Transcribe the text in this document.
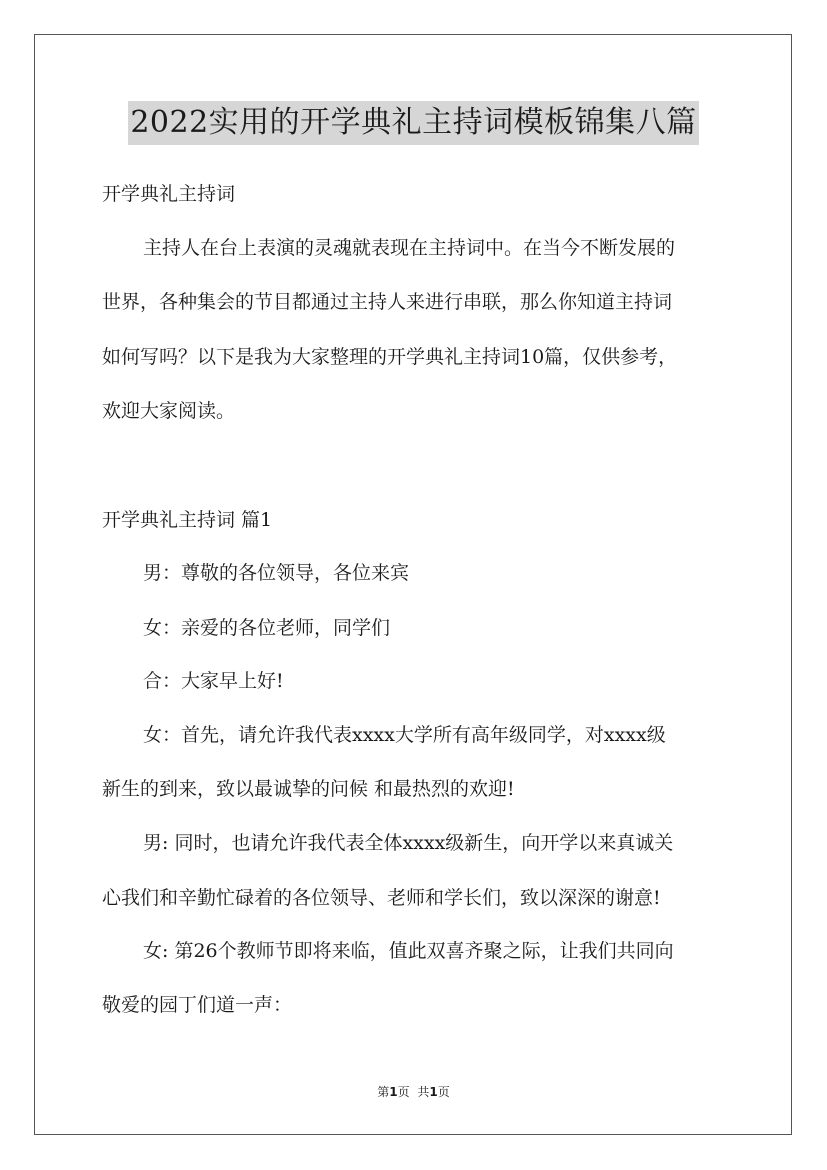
2022实用的开学典礼主持词模板锦集八篇
开学典礼主持词
主持人在台上表演的灵魂就表现在主持词中。在当今不断发展的
世界，各种集会的节目都通过主持人来进行串联，那么你知道主持词
如何写吗？以下是我为大家整理的开学典礼主持词10篇，仅供参考，
欢迎大家阅读。
开学典礼主持词 篇1
男：尊敬的各位领导，各位来宾
女：亲爱的各位老师，同学们
合：大家早上好!
女：首先，请允许我代表xxxx大学所有高年级同学，对xxxx级
新生的到来，致以最诚挚的问候 和最热烈的欢迎!
男: 同时，也请允许我代表全体xxxx级新生，向开学以来真诚关
心我们和辛勤忙碌着的各位领导、老师和学长们，致以深深的谢意!
女: 第26个教师节即将来临，值此双喜齐聚之际，让我们共同向
敬爱的园丁们道一声：
第1页 共1页
